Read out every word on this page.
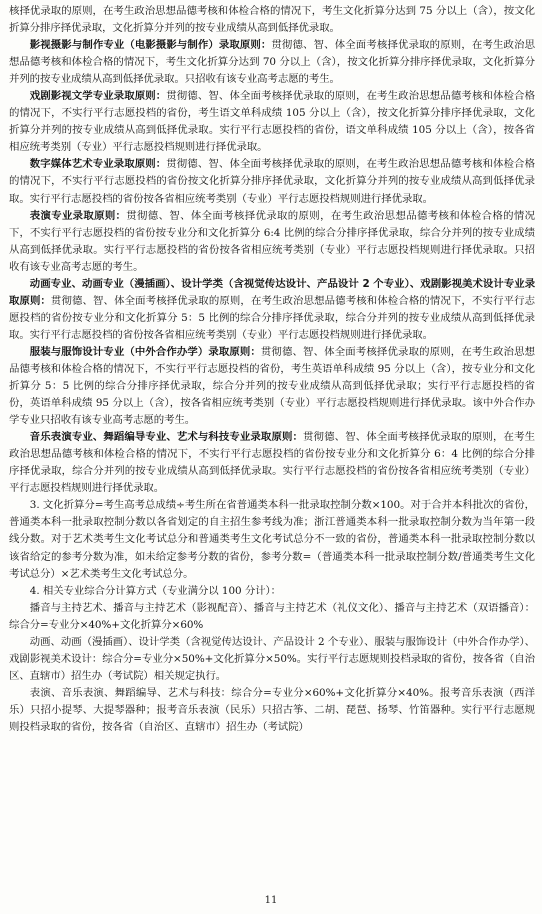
核择优录取的原则，在考生政治思想品德考核和体检合格的情况下，考生文化折算分达到 75 分以上（含），按文化折算分排序择优录取，文化折算分并列的按专业成绩从高到低择优录取。

影视摄影与制作专业（电影摄影与制作）录取原则：贯彻德、智、体全面考核择优录取的原则，在考生政治思想品德考核和体检合格的情况下，考生文化折算分达到 70 分以上（含），按文化折算分排序择优录取，文化折算分并列的按专业成绩从高到低择优录取。只招收有该专业高考志愿的考生。

戏剧影视文学专业录取原则：贯彻德、智、体全面考核择优录取的原则，在考生政治思想品德考核和体检合格的情况下，不实行平行志愿投档的省份，考生语文单科成绩 105 分以上（含），按文化折算分排序择优录取，文化折算分并列的按专业成绩从高到低择优录取。实行平行志愿投档的省份，语文单科成绩 105 分以上（含），按各省相应统考类别（专业）平行志愿投档规则进行择优录取。

数字媒体艺术专业录取原则：贯彻德、智、体全面考核择优录取的原则，在考生政治思想品德考核和体检合格的情况下，不实行平行志愿投档的省份按文化折算分排序择优录取，文化折算分并列的按专业成绩从高到低择优录取。实行平行志愿投档的省份按各省相应统考类别（专业）平行志愿投档规则进行择优录取。

表演专业录取原则：贯彻德、智、体全面考核择优录取的原则，在考生政治思想品德考核和体检合格的情况下，不实行平行志愿投档的省份按专业分和文化折算分 6:4 比例的综合分排序择优录取，综合分并列的按专业成绩从高到低择优录取。实行平行志愿投档的省份按各省相应统考类别（专业）平行志愿投档规则进行择优录取。只招收有该专业高考志愿的考生。

动画专业、动画专业（漫插画）、设计学类（含视觉传达设计、产品设计 2 个专业）、戏剧影视美术设计专业录取原则：贯彻德、智、体全面考核择优录取的原则，在考生政治思想品德考核和体检合格的情况下，不实行平行志愿投档的省份按专业分和文化折算分 5：5 比例的综合分排序择优录取，综合分并列的按专业成绩从高到低择优录取。实行平行志愿投档的省份按各省相应统考类别（专业）平行志愿投档规则进行择优录取。

服装与服饰设计专业（中外合作办学）录取原则：贯彻德、智、体全面考核择优录取的原则，在考生政治思想品德考核和体检合格的情况下，不实行平行志愿投档的省份，考生英语单科成绩 95 分以上（含），按专业分和文化折算分 5：5 比例的综合分排序择优录取，综合分并列的按专业成绩从高到低择优录取；实行平行志愿投档的省份，英语单科成绩 95 分以上（含），按各省相应统考类别（专业）平行志愿投档规则进行择优录取。该中外合作办学专业只招收有该专业高考志愿的考生。

音乐表演专业、舞蹈编导专业、艺术与科技专业录取原则：贯彻德、智、体全面考核择优录取的原则，在考生政治思想品德考核和体检合格的情况下，不实行平行志愿投档的省份按专业分和文化折算分 6：4 比例的综合分排序择优录取，综合分并列的按专业成绩从高到低择优录取。实行平行志愿投档的省份按各省相应统考类别（专业）平行志愿投档规则进行择优录取。

3. 文化折算分=考生高考总成绩÷考生所在省普通类本科一批录取控制分数×100。对于合并本科批次的省份，普通类本科一批录取控制分数以各省划定的自主招生参考线为准；浙江普通类本科一批录取控制分数为当年第一段线分数。对于艺术类考生文化考试总分和普通类考生文化考试总分不一致的省份，普通类本科一批录取控制分数以该省给定的参考分数为准，如未给定参考分数的省份，参考分数=（普通类本科一批录取控制分数/普通类考生文化考试总分）×艺术类考生文化考试总分。

4. 相关专业综合分计算方式（专业满分以 100 分计）：

播音与主持艺术、播音与主持艺术（影视配音）、播音与主持艺术（礼仪文化）、播音与主持艺术（双语播音）：综合分=专业分×40%+文化折算分×60%

动画、动画（漫插画）、设计学类（含视觉传达设计、产品设计 2 个专业）、服装与服饰设计（中外合作办学）、戏剧影视美术设计：综合分=专业分×50%+文化折算分×50%。实行平行志愿规则投档录取的省份，按各省（自治区、直辖市）招生办（考试院）相关规定执行。

表演、音乐表演、舞蹈编导、艺术与科技：综合分=专业分×60%+文化折算分×40%。报考音乐表演（西洋乐）只招小提琴、大提琴器种；报考音乐表演（民乐）只招古筝、二胡、琵琶、扬琴、竹笛器种。实行平行志愿规则投档录取的省份，按各省（自治区、直辖市）招生办（考试院）

11
